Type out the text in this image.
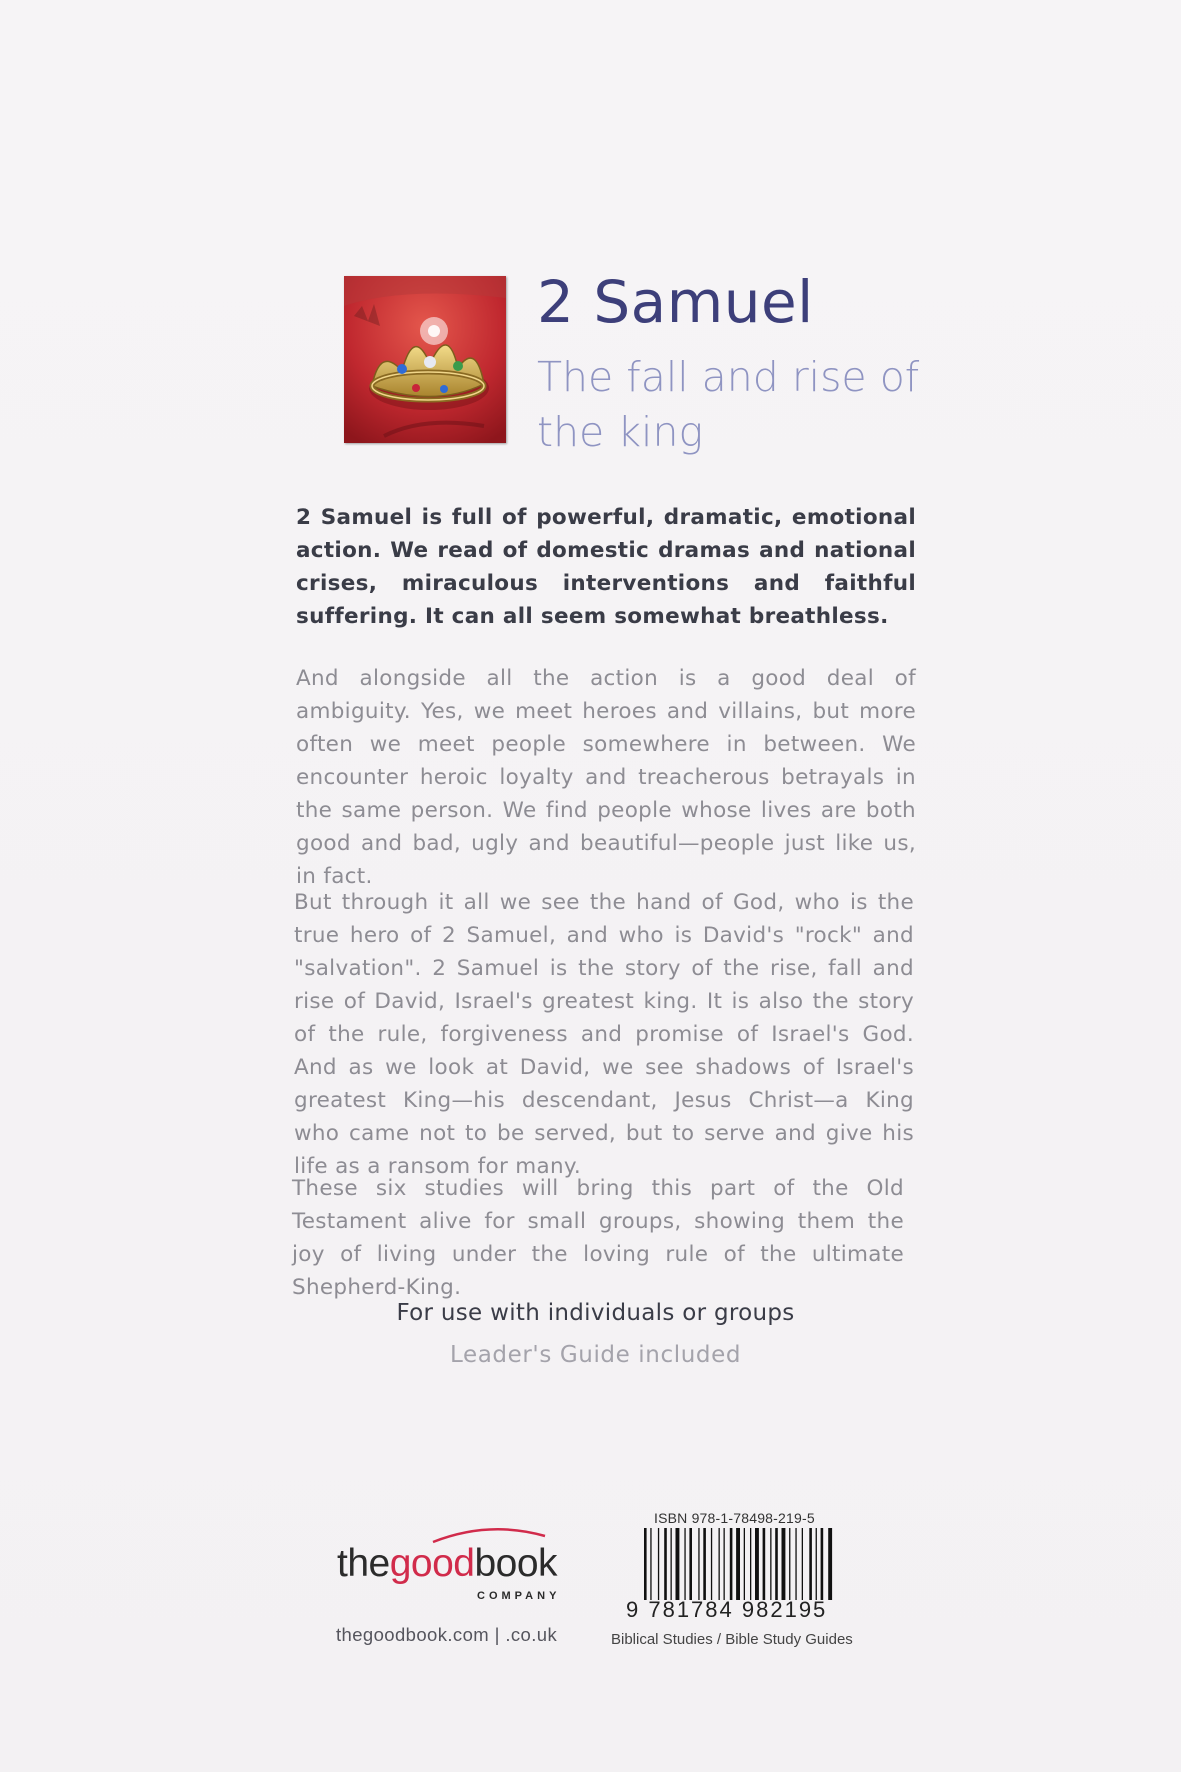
2 Samuel
The fall and rise of the king
2 Samuel is full of powerful, dramatic, emotional action. We read of domestic dramas and national crises, miraculous interventions and faithful suffering. It can all seem somewhat breathless.
And alongside all the action is a good deal of ambiguity. Yes, we meet heroes and villains, but more often we meet people somewhere in between. We encounter heroic loyalty and treacherous betrayals in the same person. We find people whose lives are both good and bad, ugly and beautiful—people just like us, in fact.
But through it all we see the hand of God, who is the true hero of 2 Samuel, and who is David's "rock" and "salvation". 2 Samuel is the story of the rise, fall and rise of David, Israel's greatest king. It is also the story of the rule, forgiveness and promise of Israel's God. And as we look at David, we see shadows of Israel's greatest King—his descendant, Jesus Christ—a King who came not to be served, but to serve and give his life as a ransom for many.
These six studies will bring this part of the Old Testament alive for small groups, showing them the joy of living under the loving rule of the ultimate Shepherd-King.
For use with individuals or groups
Leader's Guide included
thegoodbook
COMPANY
thegoodbook.com | .co.uk
ISBN 978-1-78498-219-5
9 781784 982195
Biblical Studies / Bible Study Guides
